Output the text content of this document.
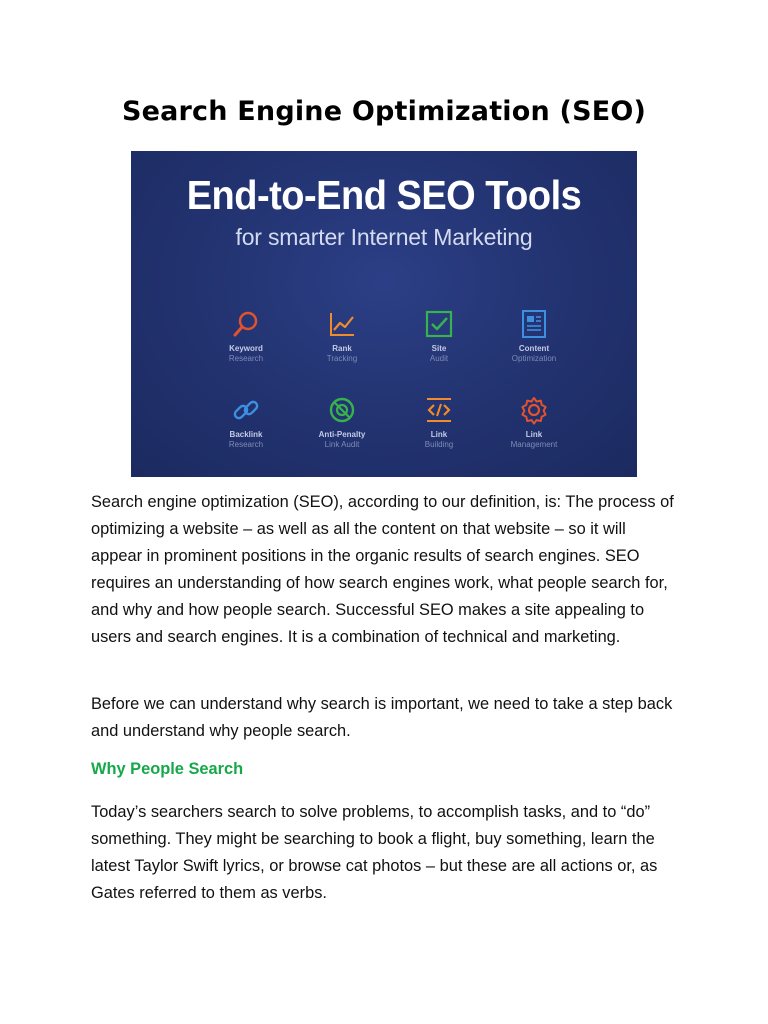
Search Engine Optimization (SEO)
End-to-End SEO Tools
for smarter Internet Marketing
Keyword
Research
Rank
Tracking
Site
Audit
Content
Optimization
Backlink
Research
Anti-Penalty
Link Audit
Link
Building
Link
Management

Search engine optimization (SEO), according to our definition, is: The process of optimizing a website – as well as all the content on that website – so it will appear in prominent positions in the organic results of search engines. SEO requires an understanding of how search engines work, what people search for, and why and how people search. Successful SEO makes a site appealing to users and search engines. It is a combination of technical and marketing.

Before we can understand why search is important, we need to take a step back and understand why people search.

Why People Search

Today’s searchers search to solve problems, to accomplish tasks, and to “do” something. They might be searching to book a flight, buy something, learn the latest Taylor Swift lyrics, or browse cat photos – but these are all actions or, as Gates referred to them as verbs.
